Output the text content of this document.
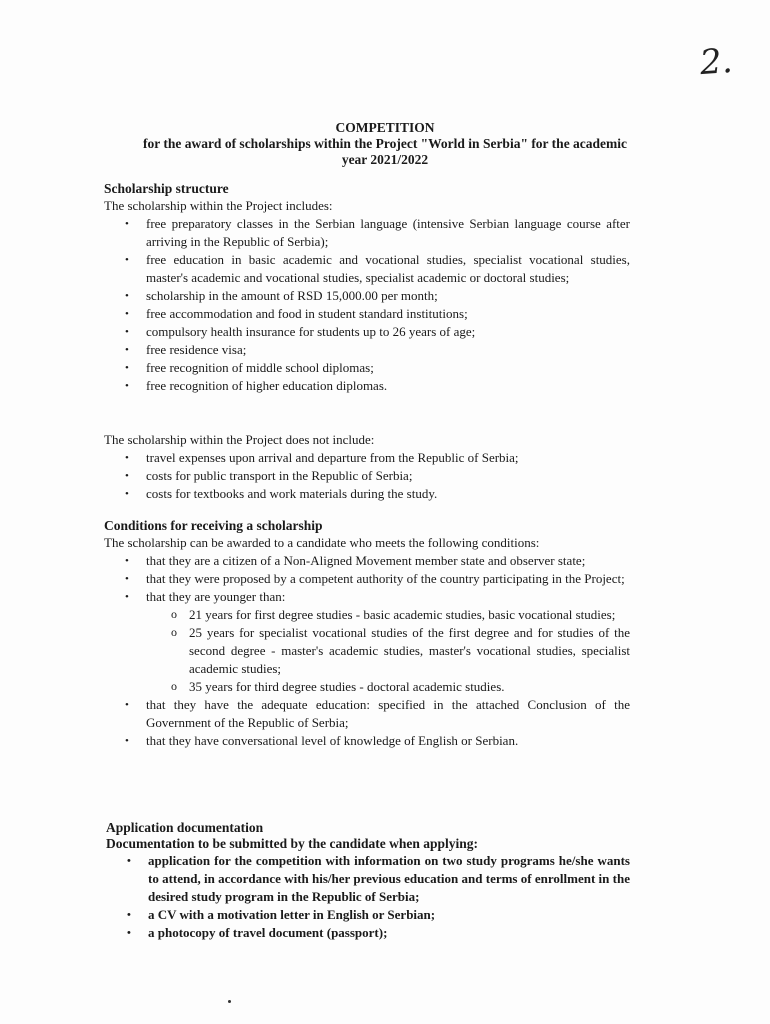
2.
COMPETITION
for the award of scholarships within the Project "World in Serbia" for the academic
year 2021/2022
Scholarship structure
The scholarship within the Project includes:
• free preparatory classes in the Serbian language (intensive Serbian language course after arriving in the Republic of Serbia);
• free education in basic academic and vocational studies, specialist vocational studies, master's academic and vocational studies, specialist academic or doctoral studies;
• scholarship in the amount of RSD 15,000.00 per month;
• free accommodation and food in student standard institutions;
• compulsory health insurance for students up to 26 years of age;
• free residence visa;
• free recognition of middle school diplomas;
• free recognition of higher education diplomas.
The scholarship within the Project does not include:
• travel expenses upon arrival and departure from the Republic of Serbia;
• costs for public transport in the Republic of Serbia;
• costs for textbooks and work materials during the study.
Conditions for receiving a scholarship
The scholarship can be awarded to a candidate who meets the following conditions:
• that they are a citizen of a Non-Aligned Movement member state and observer state;
• that they were proposed by a competent authority of the country participating in the Project;
• that they are younger than:
o 21 years for first degree studies - basic academic studies, basic vocational studies;
o 25 years for specialist vocational studies of the first degree and for studies of the second degree - master's academic studies, master's vocational studies, specialist academic studies;
o 35 years for third degree studies - doctoral academic studies.
• that they have the adequate education: specified in the attached Conclusion of the Government of the Republic of Serbia;
• that they have conversational level of knowledge of English or Serbian.
Application documentation
Documentation to be submitted by the candidate when applying:
• application for the competition with information on two study programs he/she wants to attend, in accordance with his/her previous education and terms of enrollment in the desired study program in the Republic of Serbia;
• a CV with a motivation letter in English or Serbian;
• a photocopy of travel document (passport);
